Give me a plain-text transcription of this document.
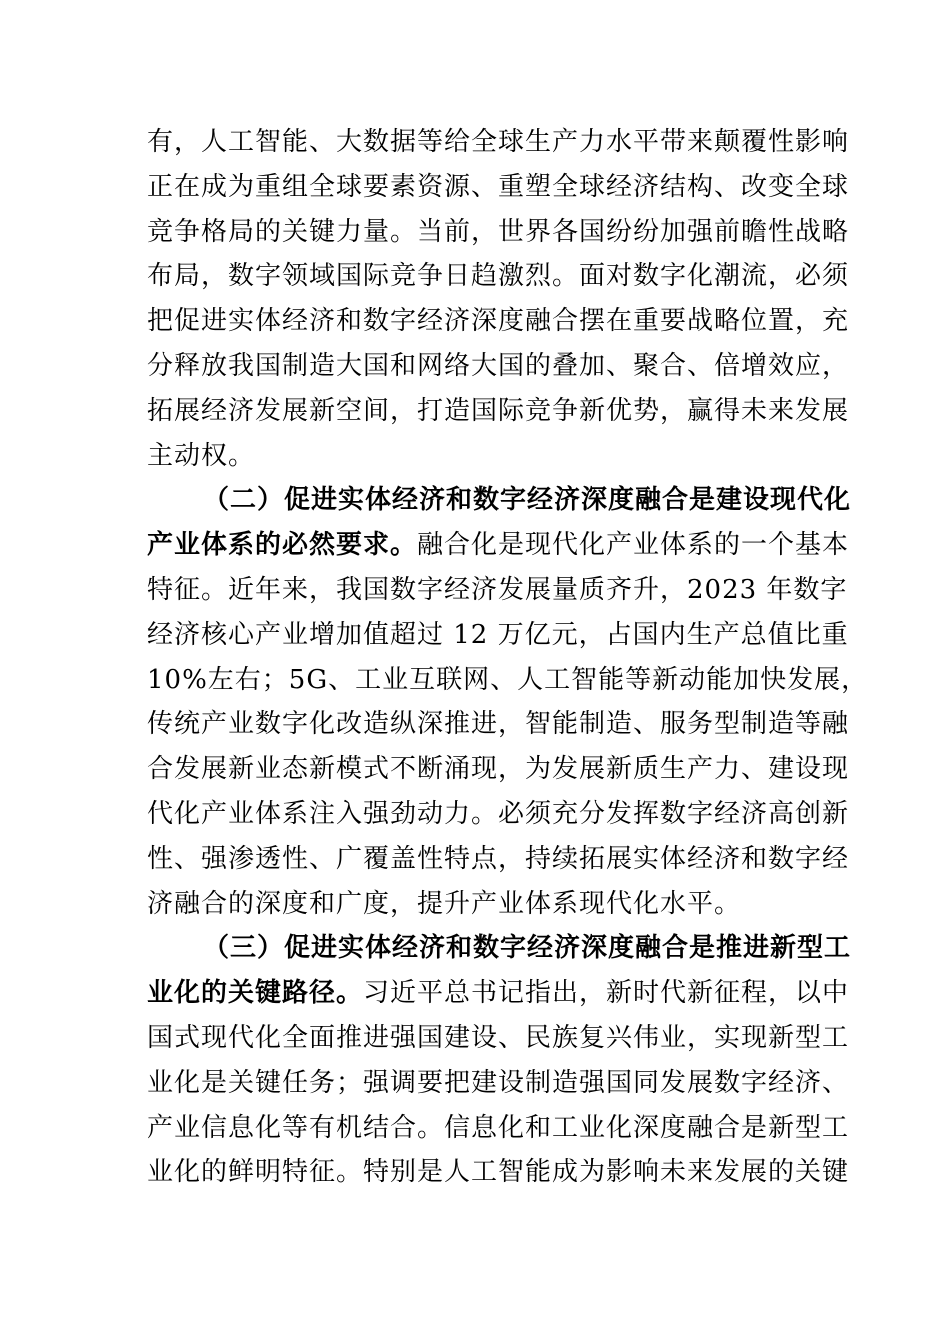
有，人工智能、大数据等给全球生产力水平带来颠覆性影响
正在成为重组全球要素资源、重塑全球经济结构、改变全球
竞争格局的关键力量。当前，世界各国纷纷加强前瞻性战略
布局，数字领域国际竞争日趋激烈。面对数字化潮流，必须
把促进实体经济和数字经济深度融合摆在重要战略位置，充
分释放我国制造大国和网络大国的叠加、聚合、倍增效应，
拓展经济发展新空间，打造国际竞争新优势，赢得未来发展
主动权。
（二）促进实体经济和数字经济深度融合是建设现代化
产业体系的必然要求。融合化是现代化产业体系的一个基本
特征。近年来，我国数字经济发展量质齐升，2023 年数字
经济核心产业增加值超过 12 万亿元，占国内生产总值比重
10%左右；5G、工业互联网、人工智能等新动能加快发展，
传统产业数字化改造纵深推进，智能制造、服务型制造等融
合发展新业态新模式不断涌现，为发展新质生产力、建设现
代化产业体系注入强劲动力。必须充分发挥数字经济高创新
性、强渗透性、广覆盖性特点，持续拓展实体经济和数字经
济融合的深度和广度，提升产业体系现代化水平。
（三）促进实体经济和数字经济深度融合是推进新型工
业化的关键路径。习近平总书记指出，新时代新征程，以中
国式现代化全面推进强国建设、民族复兴伟业，实现新型工
业化是关键任务；强调要把建设制造强国同发展数字经济、
产业信息化等有机结合。信息化和工业化深度融合是新型工
业化的鲜明特征。特别是人工智能成为影响未来发展的关键
